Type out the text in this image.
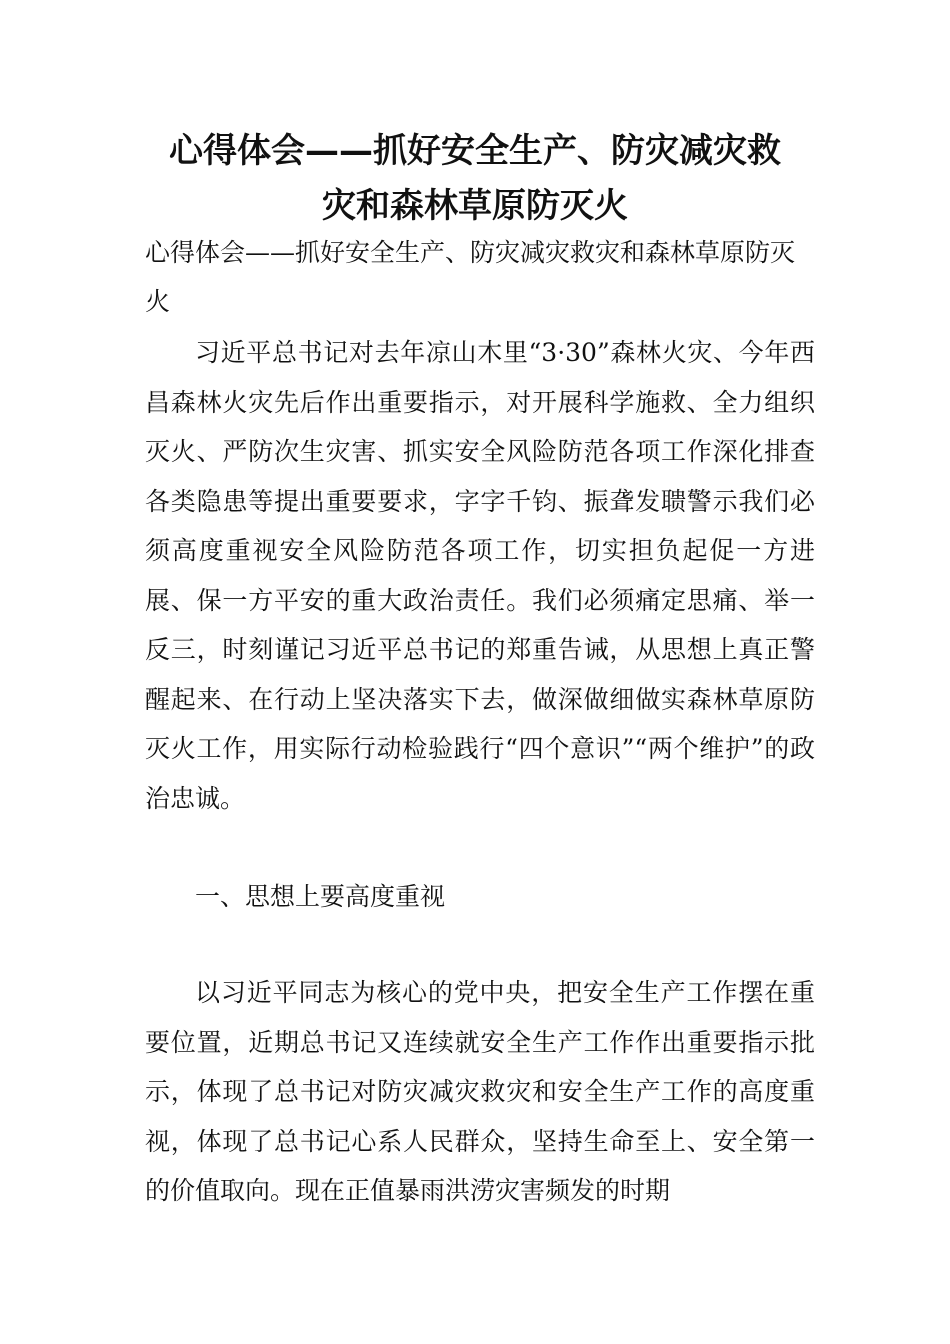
心得体会——抓好安全生产、防灾减灾救
灾和森林草原防灭火

心得体会——抓好安全生产、防灾减灾救灾和森林草原防灭火

习近平总书记对去年凉山木里“3·30”森林火灾、今年西昌森林火灾先后作出重要指示，对开展科学施救、全力组织灭火、严防次生灾害、抓实安全风险防范各项工作深化排查各类隐患等提出重要要求，字字千钧、振聋发聩警示我们必须高度重视安全风险防范各项工作，切实担负起促一方进展、保一方平安的重大政治责任。我们必须痛定思痛、举一反三，时刻谨记习近平总书记的郑重告诫，从思想上真正警醒起来、在行动上坚决落实下去，做深做细做实森林草原防灭火工作，用实际行动检验践行“四个意识”“两个维护”的政治忠诚。

一、思想上要高度重视

以习近平同志为核心的党中央，把安全生产工作摆在重要位置，近期总书记又连续就安全生产工作作出重要指示批示，体现了总书记对防灾减灾救灾和安全生产工作的高度重视，体现了总书记心系人民群众，坚持生命至上、安全第一的价值取向。现在正值暴雨洪涝灾害频发的时期
